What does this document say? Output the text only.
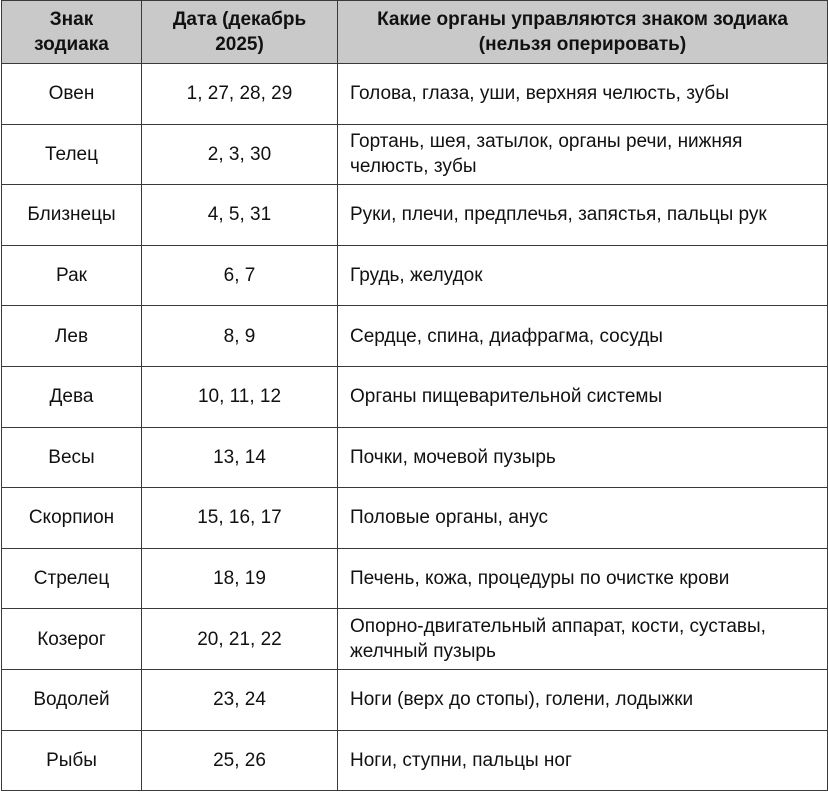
Знак зодиака	Дата (декабрь 2025)	Какие органы управляются знаком зодиака (нельзя оперировать)
Овен	1, 27, 28, 29	Голова, глаза, уши, верхняя челюсть, зубы
Телец	2, 3, 30	Гортань, шея, затылок, органы речи, нижняя челюсть, зубы
Близнецы	4, 5, 31	Руки, плечи, предплечья, запястья, пальцы рук
Рак	6, 7	Грудь, желудок
Лев	8, 9	Сердце, спина, диафрагма, сосуды
Дева	10, 11, 12	Органы пищеварительной системы
Весы	13, 14	Почки, мочевой пузырь
Скорпион	15, 16, 17	Половые органы, анус
Стрелец	18, 19	Печень, кожа, процедуры по очистке крови
Козерог	20, 21, 22	Опорно-двигательный аппарат, кости, суставы, желчный пузырь
Водолей	23, 24	Ноги (верх до стопы), голени, лодыжки
Рыбы	25, 26	Ноги, ступни, пальцы ног
